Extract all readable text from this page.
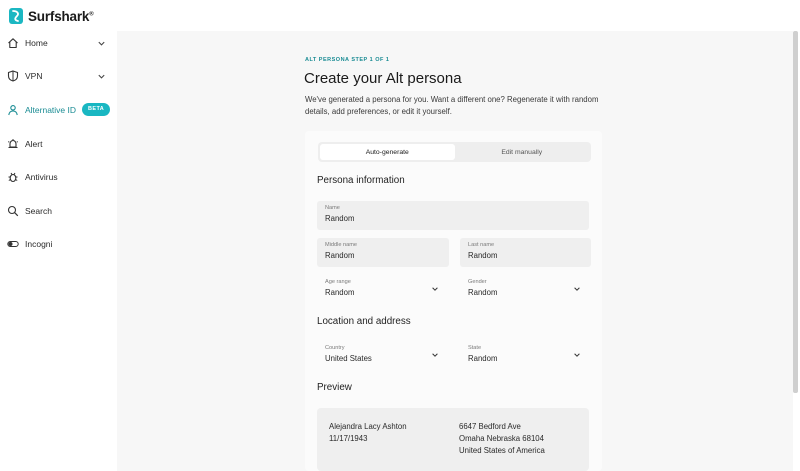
Surfshark®
Home
VPN
Alternative ID	BETA
Alert
Antivirus
Search
Incogni
ALT PERSONA STEP 1 OF 1
Create your Alt persona

We've generated a persona for you. Want a different one? Regenerate it with random details, add preferences, or edit it yourself.

Auto-generate	Edit manually
Persona information
Name
Random
Middle name
Random
Last name
Random
Age range
Random
Gender
Random
Location and address
Country
United States
State
Random
Preview
Alejandra Lacy Ashton
11/17/1943
6647 Bedford Ave
Omaha Nebraska 68104
United States of America
